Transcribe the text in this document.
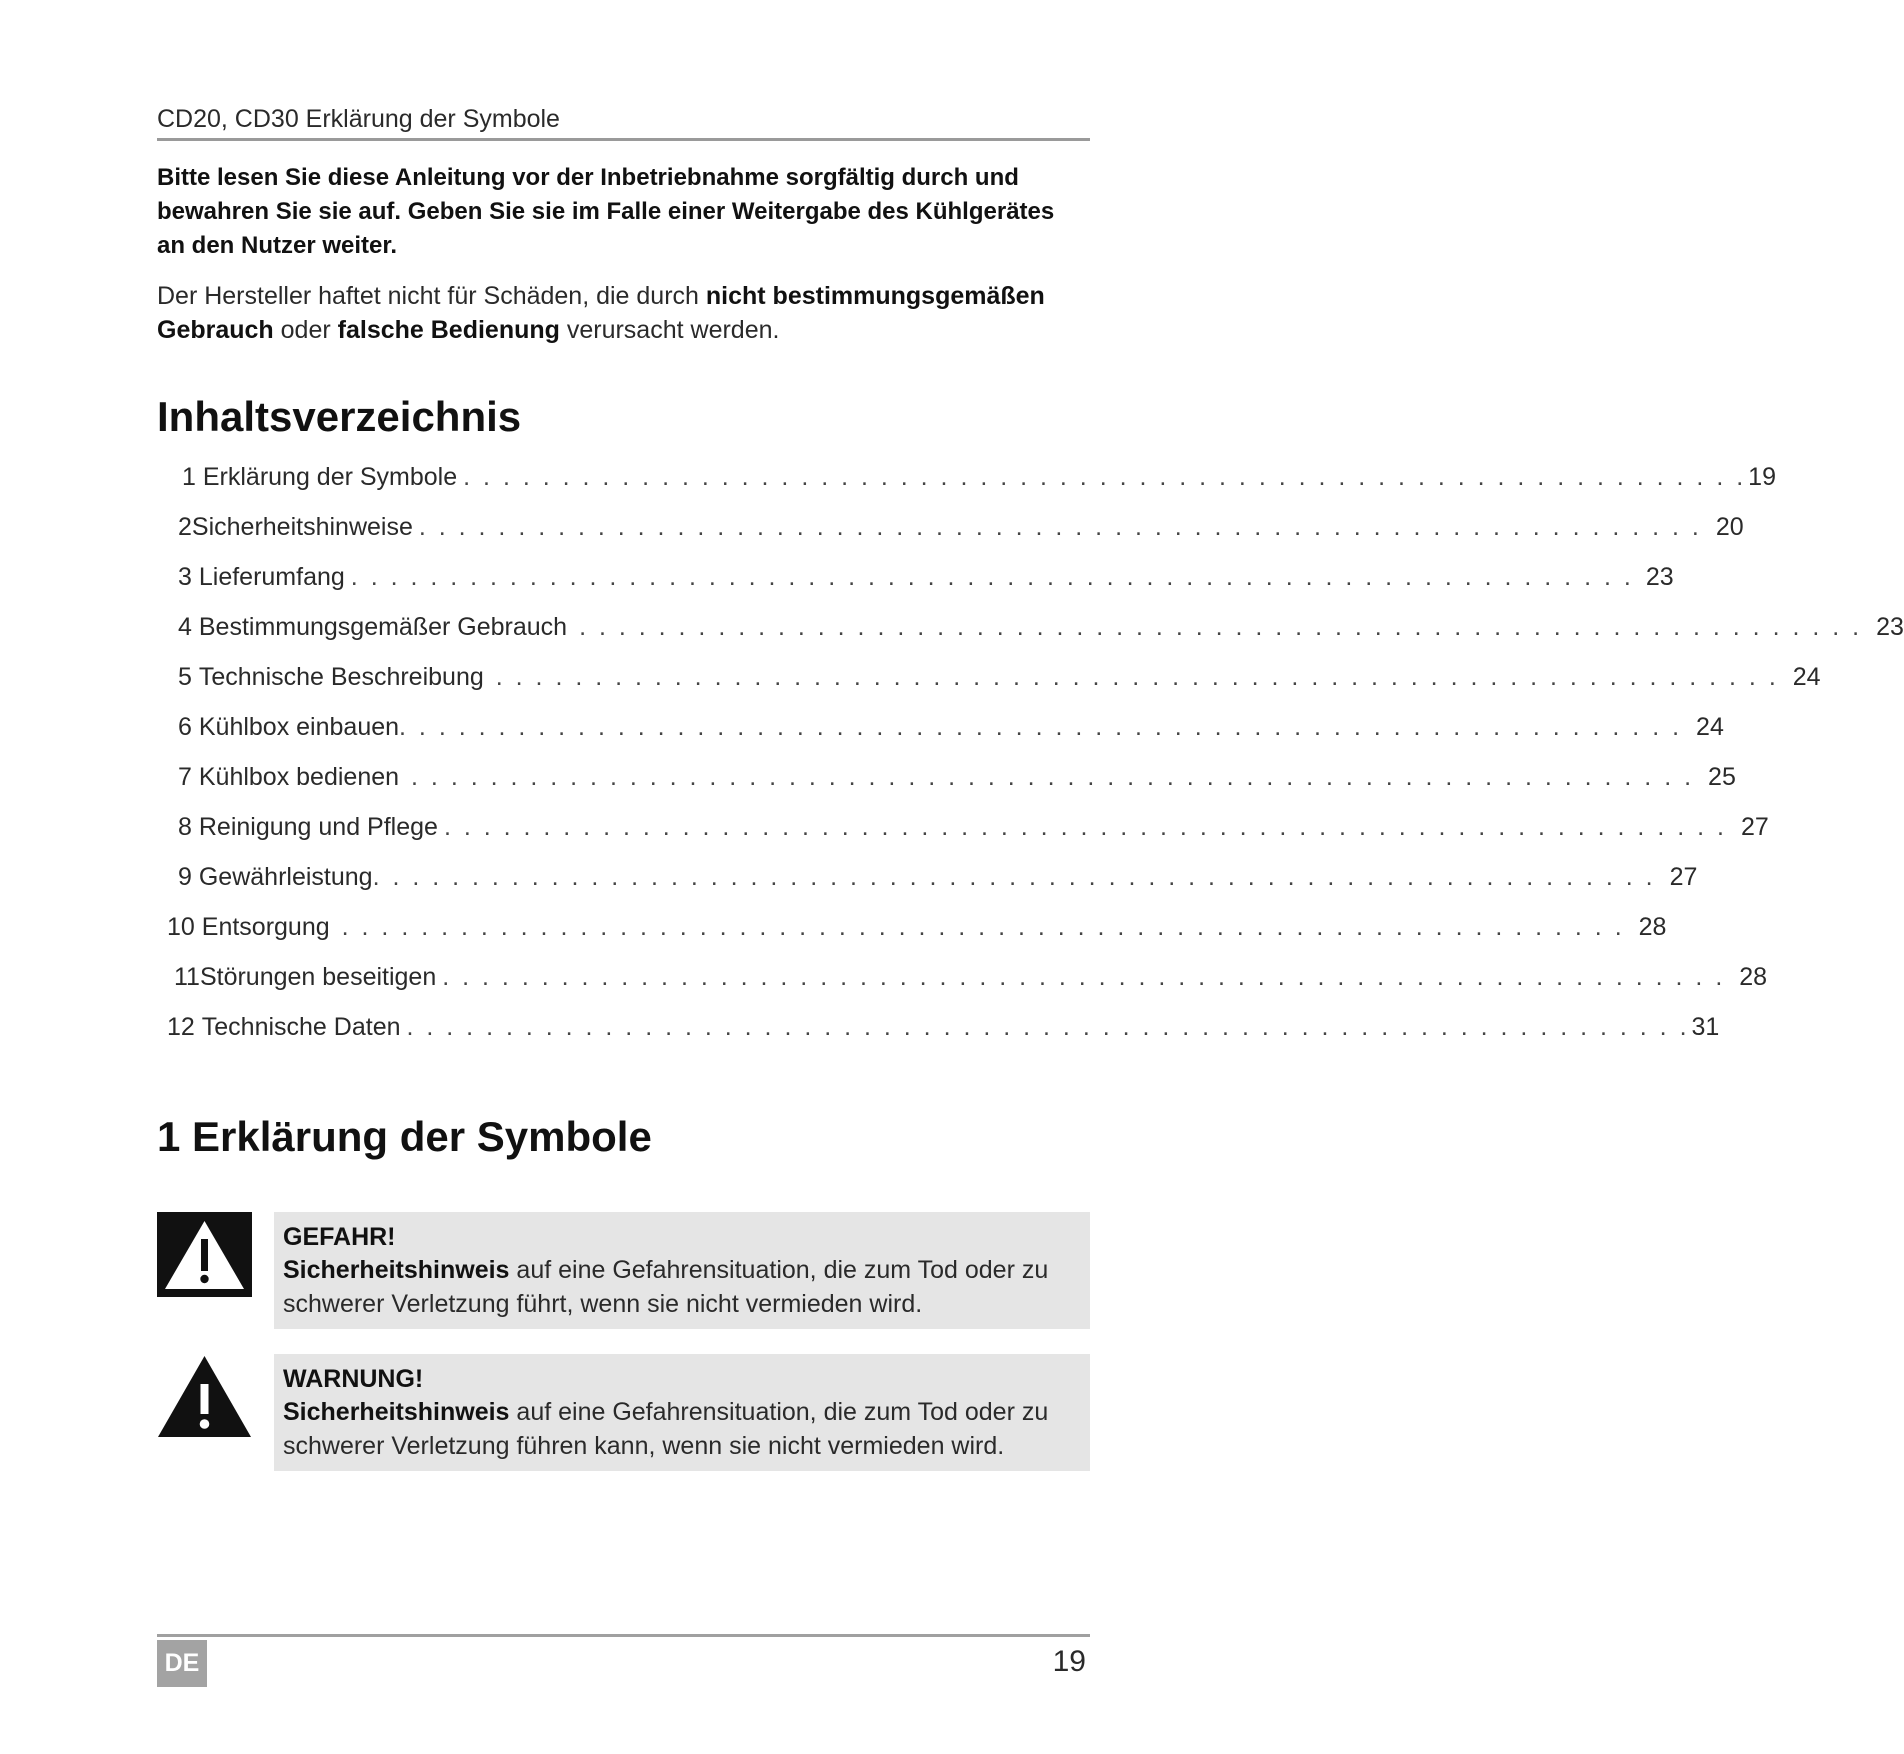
CD20, CD30 Erklärung der Symbole
Bitte lesen Sie diese Anleitung vor der Inbetriebnahme sorgfältig durch und bewahren Sie sie auf. Geben Sie sie im Falle einer Weitergabe des Kühlgerätes an den Nutzer weiter.
Der Hersteller haftet nicht für Schäden, die durch nicht bestimmungsgemäßen Gebrauch oder falsche Bedienung verursacht werden.
Inhaltsverzeichnis
1 Erklärung der Symbole . . . . . . . . . . . . . . . . . . . . . . . . . . . . . . . . . . . . . . . . . . . . . . . . . . . . . . . . . . . . . . . . . 19
2 Sicherheitshinweise . . . . . . . . . . . . . . . . . . . . . . . . . . . . . . . . . . . . . . . . . . . . . . . . . . . . . . . . . . . . . . . . . 20
3 Lieferumfang . . . . . . . . . . . . . . . . . . . . . . . . . . . . . . . . . . . . . . . . . . . . . . . . . . . . . . . . . . . . . . . . . 23
4 Bestimmungsgemäßer Gebrauch . . . . . . . . . . . . . . . . . . . . . . . . . . . . . . . . . . . . . . . . . . . . . . . . . . . . . . . . . . . . . . . . . 23
5 Technische Beschreibung . . . . . . . . . . . . . . . . . . . . . . . . . . . . . . . . . . . . . . . . . . . . . . . . . . . . . . . . . . . . . . . . . 24
6 Kühlbox einbauen . . . . . . . . . . . . . . . . . . . . . . . . . . . . . . . . . . . . . . . . . . . . . . . . . . . . . . . . . . . . . . . . . 24
7 Kühlbox bedienen . . . . . . . . . . . . . . . . . . . . . . . . . . . . . . . . . . . . . . . . . . . . . . . . . . . . . . . . . . . . . . . . . 25
8 Reinigung und Pflege . . . . . . . . . . . . . . . . . . . . . . . . . . . . . . . . . . . . . . . . . . . . . . . . . . . . . . . . . . . . . . . . . 27
9 Gewährleistung . . . . . . . . . . . . . . . . . . . . . . . . . . . . . . . . . . . . . . . . . . . . . . . . . . . . . . . . . . . . . . . . . 27
10 Entsorgung . . . . . . . . . . . . . . . . . . . . . . . . . . . . . . . . . . . . . . . . . . . . . . . . . . . . . . . . . . . . . . . . . 28
11 Störungen beseitigen . . . . . . . . . . . . . . . . . . . . . . . . . . . . . . . . . . . . . . . . . . . . . . . . . . . . . . . . . . . . . . . . . 28
12 Technische Daten . . . . . . . . . . . . . . . . . . . . . . . . . . . . . . . . . . . . . . . . . . . . . . . . . . . . . . . . . . . . . . . . . 31
1 Erklärung der Symbole
GEFAHR!
Sicherheitshinweis auf eine Gefahrensituation, die zum Tod oder zu schwerer Verletzung führt, wenn sie nicht vermieden wird.
WARNUNG!
Sicherheitshinweis auf eine Gefahrensituation, die zum Tod oder zu schwerer Verletzung führen kann, wenn sie nicht vermieden wird.
DE	19
